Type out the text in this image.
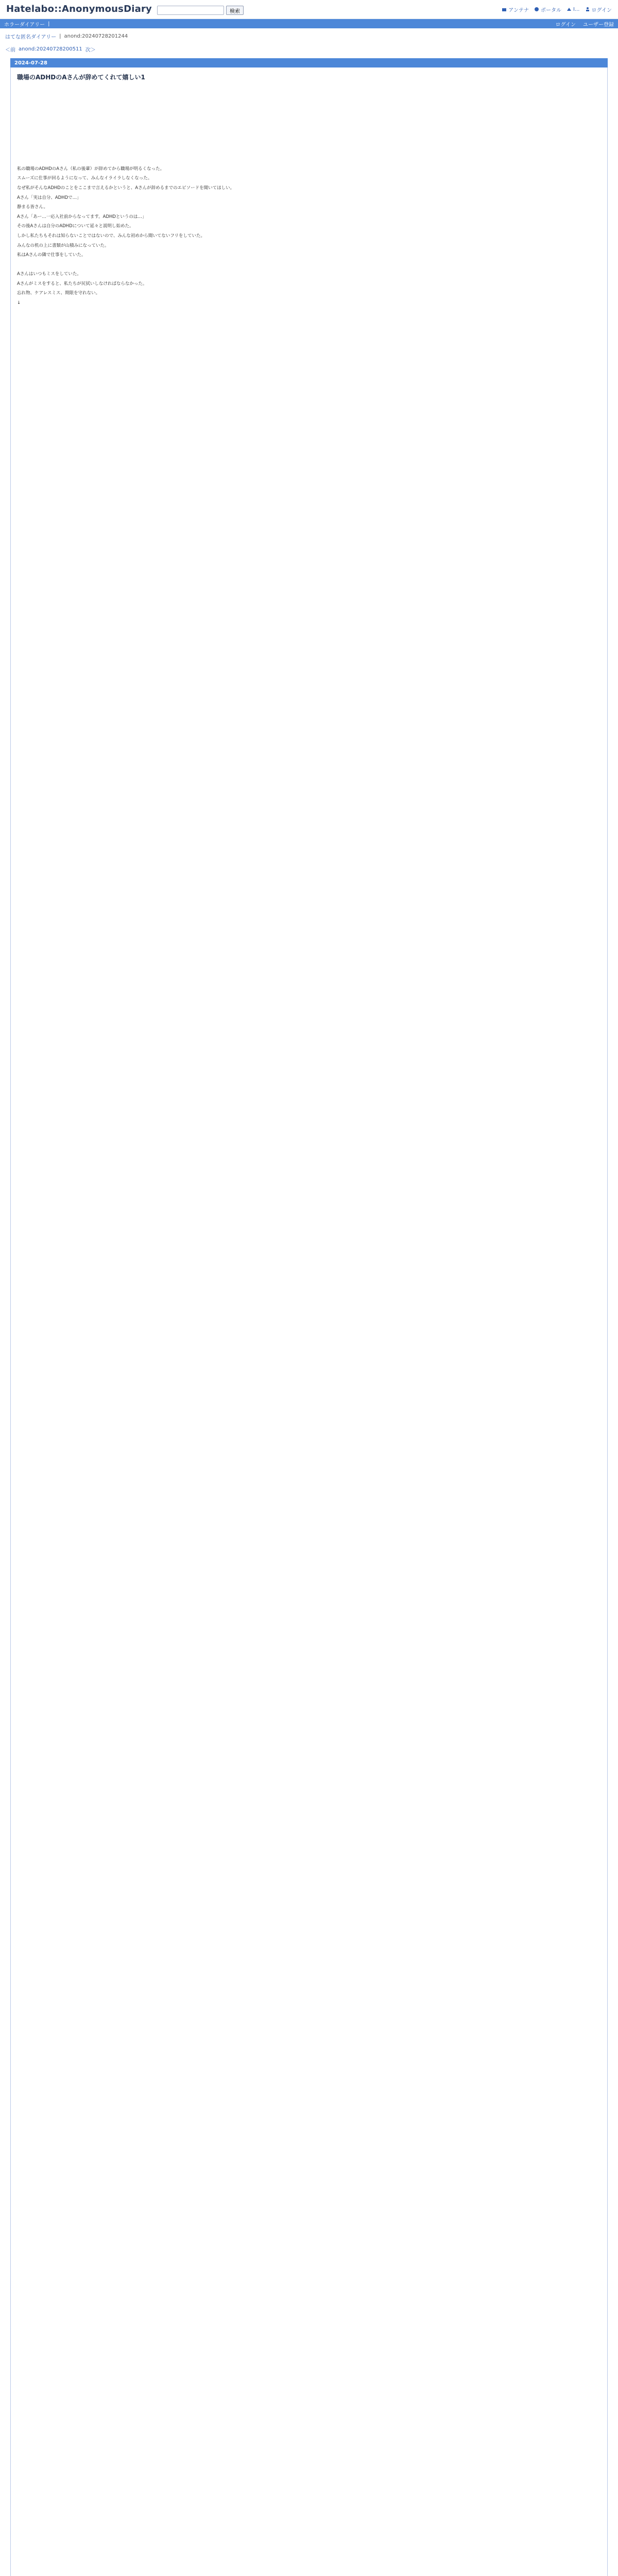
Hatelabo::AnonymousDiary	検索	アンテナ ポータル I... ログイン
ホラーダイアリー |	ログイン ユーザー登録
はてな匿名ダイアリー | anond:20240728201244
＜前 anond:20240728200511 次＞
2024-07-28
職場のADHDのAさんが辞めてくれて嬉しい1

私の職場のADHDのAさん（私の後輩）が辞めてから職場が明るくなった。
スムーズに仕事が回るようになって、みんなイライラしなくなった。
なぜ私がそんなADHDのことをここまで言えるかというと、Aさんが辞めるまでのエピソードを聞いてほしい。
Aさん「実は自分、ADHDで…」
静まる皆さん。
Aさん「あー…一応入社前からなってます。ADHDというのは…」
その後Aさんは自分のADHDについて延々と説明し始めた。
しかし私たちもそれは知らないことではないので、みんな初めから聞いてないフリをしていた。
みんなの机の上に書類が山積みになっていた。
私はAさんの隣で仕事をしていた。

Aさんはいつもミスをしていた。
Aさんがミスをすると、私たちが尻拭いしなければならなかった。
忘れ物、ケアレスミス、期限を守れない。
↓
